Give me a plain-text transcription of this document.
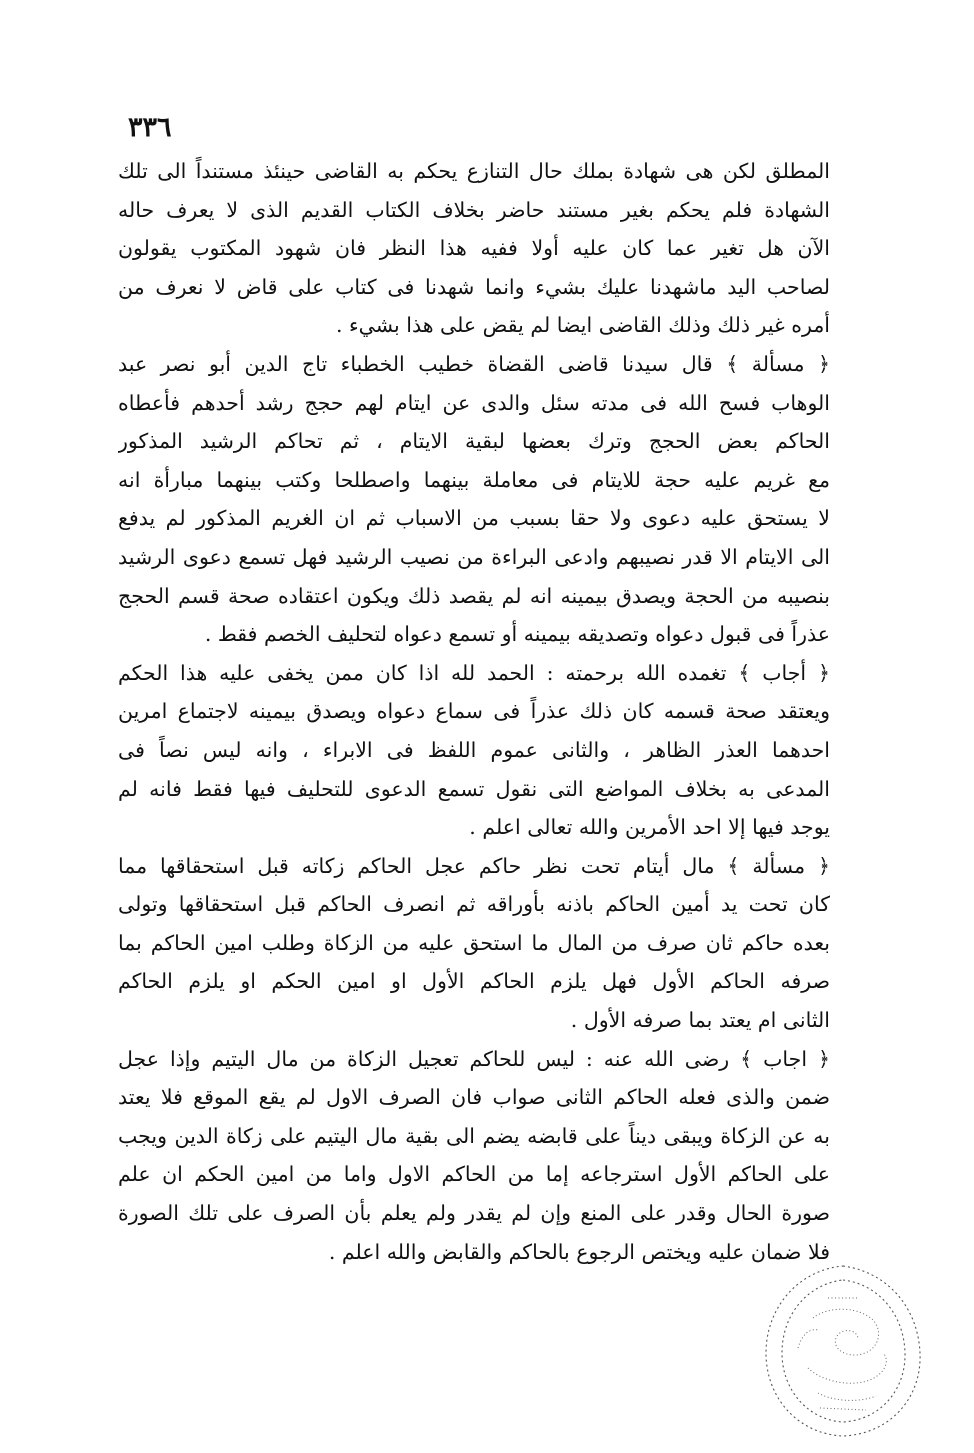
٣٣٦
المطلق لكن هى شهادة بملك حال التنازع يحكم به القاضى حينئذ مستنداً الى تلك
الشهادة فلم يحكم بغير مستند حاضر بخلاف الكتاب القديم الذى لا يعرف حاله
الآن هل تغير عما كان عليه أولا ففيه هذا النظر فان شهود المكتوب يقولون
لصاحب اليد ماشهدنا عليك بشيء وانما شهدنا فى كتاب على قاض لا نعرف من
أمره غير ذلك وذلك القاضى ايضا لم يقض على هذا بشيء .
﴿ مسألة ﴾ قال سيدنا قاضى القضاة خطيب الخطباء تاج الدين أبو نصر عبد
الوهاب فسح الله فى مدته سئل والدى عن ايتام لهم حجج رشد أحدهم فأعطاه
الحاكم بعض الحجج وترك بعضها لبقية الايتام ، ثم تحاكم الرشيد المذكور
مع غريم عليه حجة للايتام فى معاملة بينهما واصطلحا وكتب بينهما مبارأة انه
لا يستحق عليه دعوى ولا حقا بسبب من الاسباب ثم ان الغريم المذكور لم يدفع
الى الايتام الا قدر نصيبهم وادعى البراءة من نصيب الرشيد فهل تسمع دعوى الرشيد
بنصيبه من الحجة ويصدق بيمينه انه لم يقصد ذلك ويكون اعتقاده صحة قسم الحجج
عذراً فى قبول دعواه وتصديقه بيمينه أو تسمع دعواه لتحليف الخصم فقط .
﴿ أجاب ﴾ تغمده الله برحمته : الحمد لله اذا كان ممن يخفى عليه هذا الحكم
ويعتقد صحة قسمه كان ذلك عذراً فى سماع دعواه ويصدق بيمينه لاجتماع امرين
احدهما العذر الظاهر ، والثانى عموم اللفظ فى الابراء ، وانه ليس نصاً فى
المدعى به بخلاف المواضع التى نقول تسمع الدعوى للتحليف فيها فقط فانه لم
يوجد فيها إلا احد الأمرين والله تعالى اعلم .
﴿ مسألة ﴾ مال أيتام تحت نظر حاكم عجل الحاكم زكاته قبل استحقاقها مما
كان تحت يد أمين الحاكم باذنه بأوراقه ثم انصرف الحاكم قبل استحقاقها وتولى
بعده حاكم ثان صرف من المال ما استحق عليه من الزكاة وطلب امين الحاكم بما
صرفه الحاكم الأول فهل يلزم الحاكم الأول او امين الحكم او يلزم الحاكم
الثانى ام يعتد بما صرفه الأول .
﴿ اجاب ﴾ رضى الله عنه : ليس للحاكم تعجيل الزكاة من مال اليتيم وإذا عجل
ضمن والذى فعله الحاكم الثانى صواب فان الصرف الاول لم يقع الموقع فلا يعتد
به عن الزكاة ويبقى ديناً على قابضه يضم الى بقية مال اليتيم على زكاة الدين ويجب
على الحاكم الأول استرجاعه إما من الحاكم الاول واما من امين الحكم ان علم
صورة الحال وقدر على المنع وإن لم يقدر ولم يعلم بأن الصرف على تلك الصورة
فلا ضمان عليه ويختص الرجوع بالحاكم والقابض والله اعلم .
